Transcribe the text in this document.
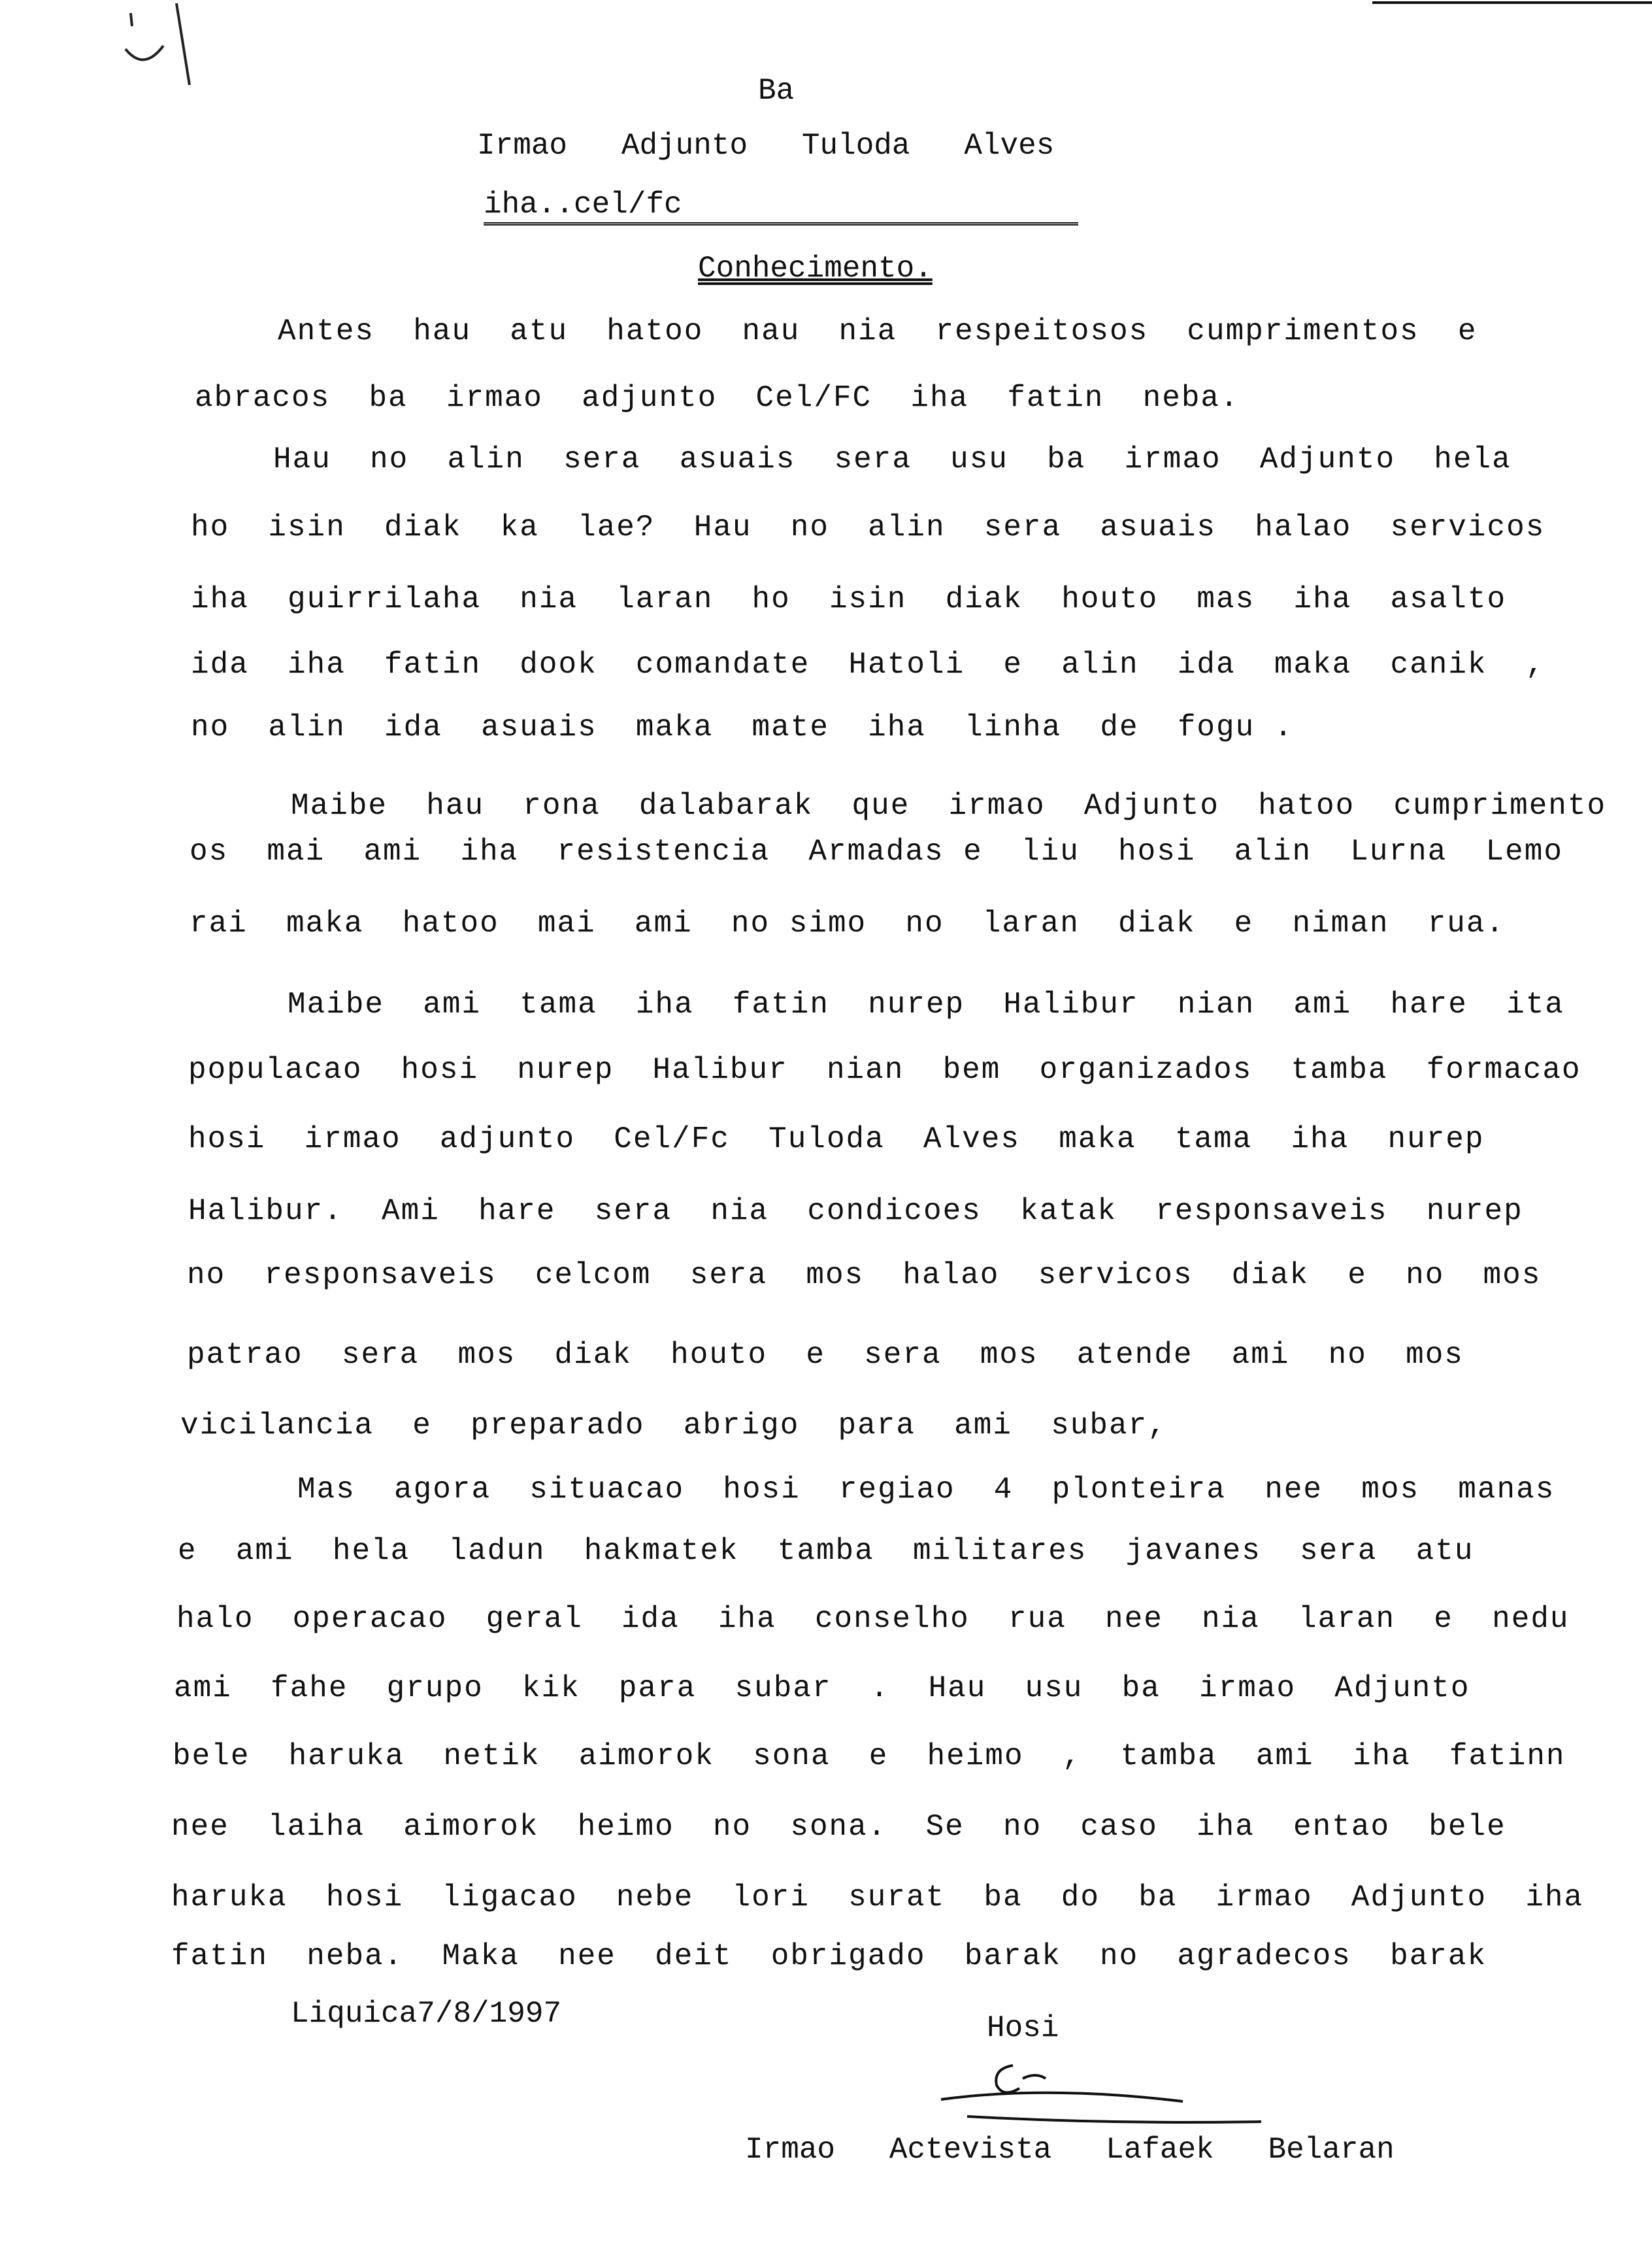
Ba
Irmao   Adjunto   Tuloda   Alves
iha..cel/fc
Conhecimento.
Antes  hau  atu  hatoo  nau  nia  respeitosos  cumprimentos  e
abracos  ba  irmao  adjunto  Cel/FC  iha  fatin  neba.
Hau  no  alin  sera  asuais  sera  usu  ba  irmao  Adjunto  hela
ho  isin  diak  ka  lae?  Hau  no  alin  sera  asuais  halao  servicos
iha  guirrilaha  nia  laran  ho  isin  diak  houto  mas  iha  asalto
ida  iha  fatin  dook  comandate  Hatoli  e  alin  ida  maka  canik  ,
no  alin  ida  asuais  maka  mate  iha  linha  de  fogu .
Maibe  hau  rona  dalabarak  que  irmao  Adjunto  hatoo  cumprimento
os  mai  ami  iha  resistencia  Armadas e  liu  hosi  alin  Lurna  Lemo
rai  maka  hatoo  mai  ami  no simo  no  laran  diak  e  niman  rua.
Maibe  ami  tama  iha  fatin  nurep  Halibur  nian  ami  hare  ita
populacao  hosi  nurep  Halibur  nian  bem  organizados  tamba  formacao
hosi  irmao  adjunto  Cel/Fc  Tuloda  Alves  maka  tama  iha  nurep
Halibur.  Ami  hare  sera  nia  condicoes  katak  responsaveis  nurep
no  responsaveis  celcom  sera  mos  halao  servicos  diak  e  no  mos
patrao  sera  mos  diak  houto  e  sera  mos  atende  ami  no  mos
vicilancia  e  preparado  abrigo  para  ami  subar,
Mas  agora  situacao  hosi  regiao  4  plonteira  nee  mos  manas
e  ami  hela  ladun  hakmatek  tamba  militares  javanes  sera  atu
halo  operacao  geral  ida  iha  conselho  rua  nee  nia  laran  e  nedu
ami  fahe  grupo  kik  para  subar  .  Hau  usu  ba  irmao  Adjunto
bele  haruka  netik  aimorok  sona  e  heimo  ,  tamba  ami  iha  fatinn
nee  laiha  aimorok  heimo  no  sona.  Se  no  caso  iha  entao  bele
haruka  hosi  ligacao  nebe  lori  surat  ba  do  ba  irmao  Adjunto  iha
fatin  neba.  Maka  nee  deit  obrigado  barak  no  agradecos  barak
Liquica7/8/1997	Hosi
Irmao   Actevista   Lafaek   Belaran
